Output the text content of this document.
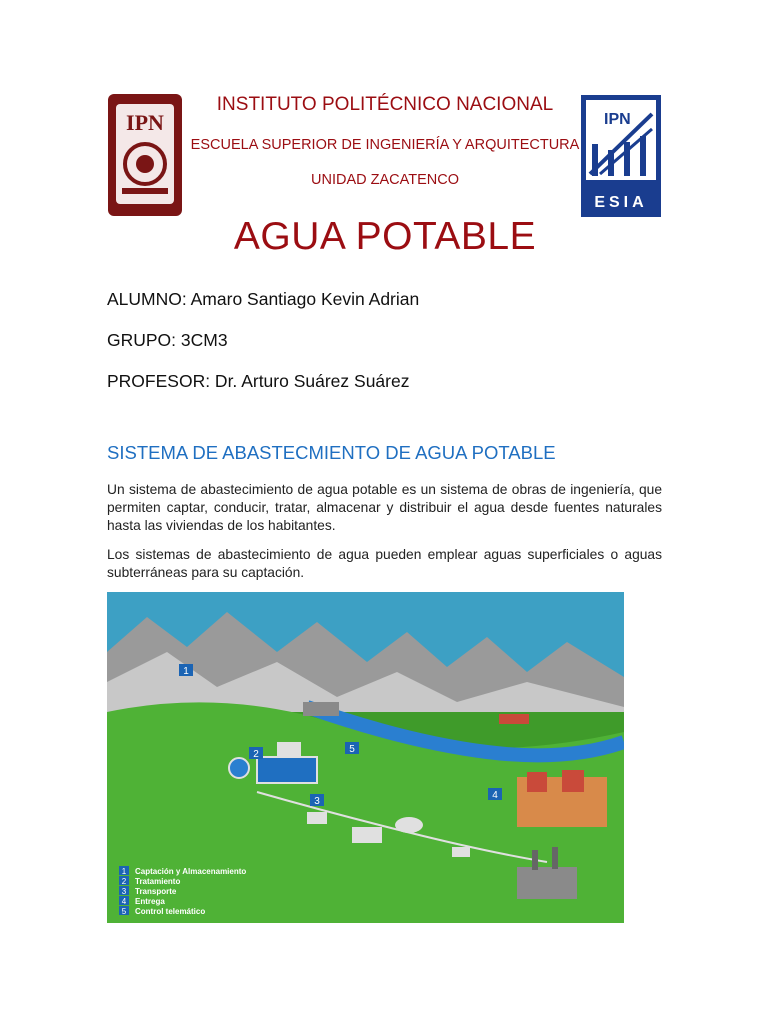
IPN	IPN
ESIA
INSTITUTO POLITÉCNICO NACIONAL
ESCUELA SUPERIOR DE INGENIERÍA Y ARQUITECTURA
UNIDAD ZACATENCO
AGUA POTABLE
ALUMNO: Amaro Santiago Kevin Adrian
GRUPO: 3CM3
PROFESOR: Dr. Arturo Suárez Suárez
SISTEMA DE ABASTECMIENTO DE AGUA POTABLE

Un sistema de abastecimiento de agua potable es un sistema de obras de ingeniería, que permiten captar, conducir, tratar, almacenar y distribuir el agua desde fuentes naturales hasta las viviendas de los habitantes.

Los sistemas de abastecimiento de agua pueden emplear aguas superficiales o aguas subterráneas para su captación.

1
2
3
4
5
1 Captación y Almacenamiento
2 Tratamiento
3 Transporte
4 Entrega
5 Control telemático
